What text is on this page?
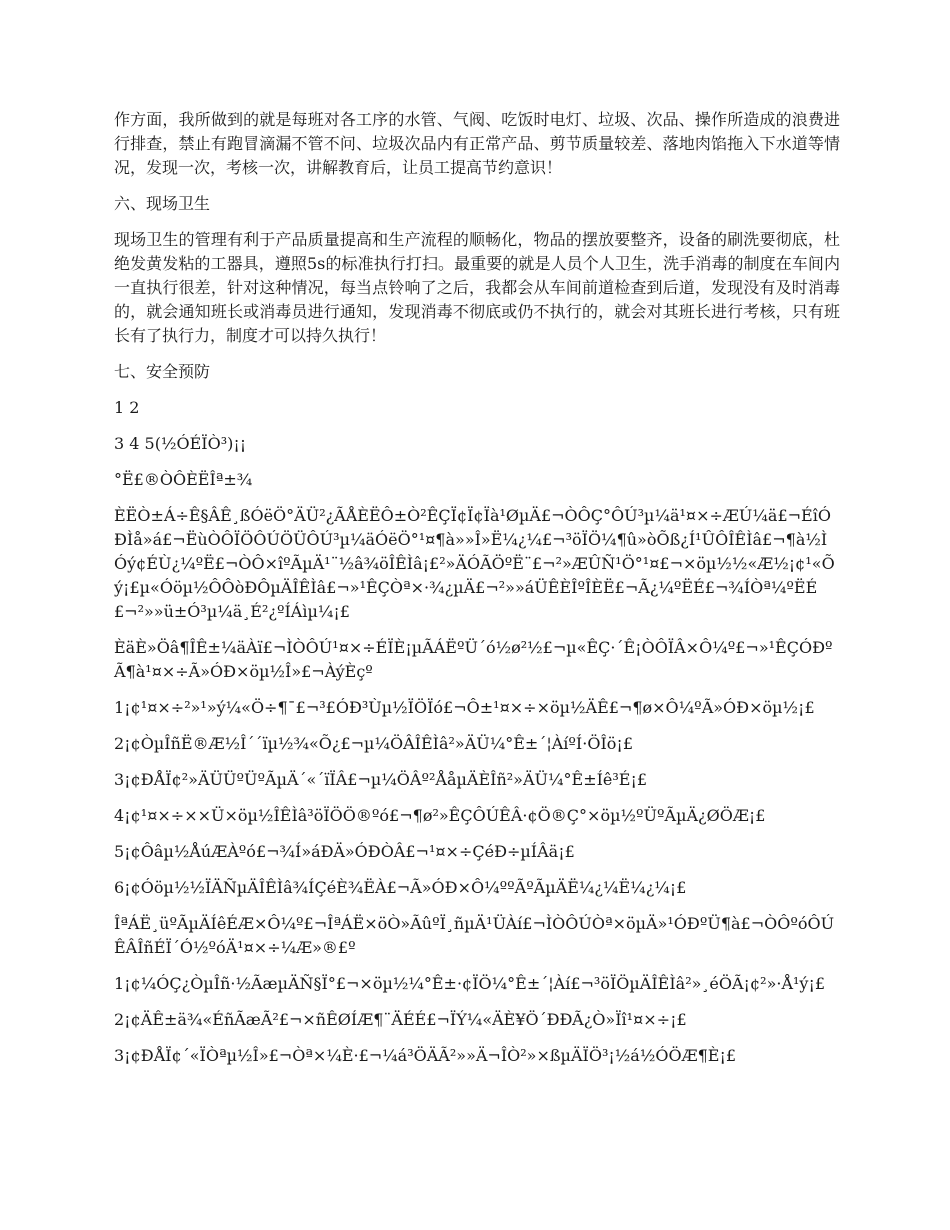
作方面，我所做到的就是每班对各工序的水管、气阀、吃饭时电灯、垃圾、次品、操作所造成的浪费进行排查，禁止有跑冒滴漏不管不问、垃圾次品内有正常产品、剪节质量较差、落地肉馅拖入下水道等情况，发现一次，考核一次，讲解教育后，让员工提高节约意识！

六、现场卫生

现场卫生的管理有利于产品质量提高和生产流程的顺畅化，物品的摆放要整齐，设备的刷洗要彻底，杜绝发黄发粘的工器具，遵照5s的标准执行打扫。最重要的就是人员个人卫生，洗手消毒的制度在车间内一直执行很差，针对这种情况，每当点铃响了之后，我都会从车间前道检查到后道，发现没有及时消毒的，就会通知班长或消毒员进行通知，发现消毒不彻底或仍不执行的，就会对其班长进行考核，只有班长有了执行力，制度才可以持久执行！

七、安全预防

1 2

3 4 5(½ÓÉÏÒ³)¡¡

°Ë£®ÒÔÈËÎª±¾

ÈËÒ±Á÷Ê§ÂÊ¸ßÓëÖ°ÄÜ²¿ÃÅÈËÔ±Ò²ÊÇÏ¢Ï¢Ïà¹ØµÄ£¬ÒÔÇ°ÔÚ³µ¼ä¹¤×÷ÆÚ¼ä£¬ÉîÓÐÌå»á£¬ËùÒÔÏÖÔÚÖÜÔÚ³µ¼äÓëÖ°¹¤¶à»»Î»Ë¼¿¼£¬³öÏÖ¼¶û»òÕß¿Í¹ÛÔÎÊÌâ£¬¶à½ÌÓý¢ÉÙ¿¼ºË£¬ÒÔ×îºÃµÄ¹¨½â¾öÎÊÌâ¡£²»ÄÓÃÖºË¨£¬²»ÆÛÑ¹Ö°¹¤£¬×öµ½½«Æ½¡¢¹«Õý¡£µ«Óöµ½ÔÔòÐÔµÄÎÊÌâ£¬»¹ÊÇÒª×·¾¿µÄ£¬²»»áÜÊÈÎºÎÈË£¬Ã¿¼ºËÉ£¬¾ÍÒª¼ºËÉ£¬²»»ü±Ó³µ¼ä¸É²¿ºÍÁìµ¼¡£

ÈäÈ»Öâ¶ÎÊ±¼äÀï£¬ÌÒÔÚ¹¤×÷ÉÏÈ¡µÃÁËºÜ´ó½ø²½£¬µ«ÊÇ·´Ê¡ÒÔÏÂ×Ô¼º£¬»¹ÊÇÓÐºÃ¶à¹¤×÷Ã»ÓÐ×öµ½Î»£¬ÀýÈçº

1¡¢¹¤×÷²»¹»ý¼«Ö÷¶¯£¬³£ÓÐ³Ùµ½ÏÖÏó£¬Ô±¹¤×÷×öµ½ÄÊ£¬¶ø×Ô¼ºÃ»ÓÐ×öµ½¡£

2¡¢ÒµÎñË®Æ½Î´´ïµ½¾«Õ¿£¬µ¼ÖÂÎÊÌâ²»ÄÜ¼°Ê±´¦ÀíºÍ·ÖÎö¡£

3¡¢ÐÅÏ¢²»ÄÜÜºÜºÃµÄ´«´ïÏÂ£¬µ¼ÖÂº²ÅåµÄÈÎñ²»ÄÜ¼°Ê±Íê³É¡£

4¡¢¹¤×÷××Ü×öµ½ÎÊÌâ³öÏÖÖ®ºó£¬¶ø²»ÊÇÔÚÊÂ·¢Ö®Ç°×öµ½ºÜºÃµÄ¿ØÖÆ¡£

5¡¢Ôâµ½ÅúÆÀºó£¬¾Í»áÐÄ»ÓÐÒÂ£¬¹¤×÷ÇéÐ÷µÍÂä¡£

6¡¢Óöµ½½ÏÄÑµÄÎÊÌâ¾ÍÇéÈ¾ËÀ£¬Ã»ÓÐ×Ô¼ººÃºÃµÄË¼¿¼Ë¼¿¼¡£

ÎªÁË¸üºÃµÄÍêÉÆ×Ô¼º£¬ÎªÁË×öÒ»ÃûºÏ¸ñµÄ¹ÜÀí£¬ÌÒÔÚÒª×öµÄ»¹ÓÐºÜ¶à£¬ÒÔºóÔÚÊÂÎñÉÏ´Ó½ºóÄ¹¤×÷¼Æ»®£º

1¡¢¼ÓÇ¿ÒµÎñ·½ÃæµÄÑ§Ï°£¬×öµ½¼°Ê±·¢ÏÖ¼°Ê±´¦Àí£¬³öÏÖµÄÎÊÌâ²»¸éÖÃ¡¢²»·Å¹ý¡£

2¡¢ÄÊ±ä¾«ÉñÃæÃ²£¬×ñÊØÍÆ¶¨ÄÉÉ£¬ÏÝ¼«ÄÈ¥Ö´ÐÐÃ¿Ò»Ïî¹¤×÷¡£

3¡¢ÐÅÏ¢´«ÏÒªµ½Î»£¬Òª×¼È·£¬¼á³ÖÄÃ²»»Ä¬ÎÒ²»×ßµÄÏÖ³¡½á½ÓÖÆ¶È¡£
